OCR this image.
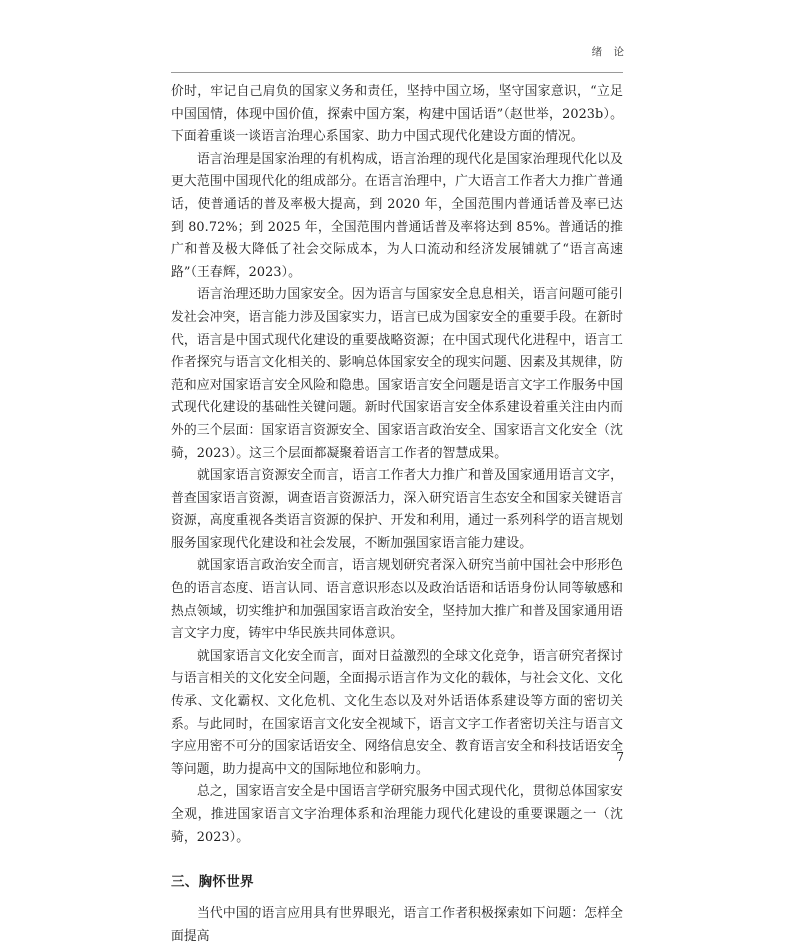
绪 论

价时，牢记自己肩负的国家义务和责任，坚持中国立场，坚守国家意识，“立足中国国情，体现中国价值，探索中国方案，构建中国话语”（赵世举，2023b）。下面着重谈一谈语言治理心系国家、助力中国式现代化建设方面的情况。

语言治理是国家治理的有机构成，语言治理的现代化是国家治理现代化以及更大范围中国现代化的组成部分。在语言治理中，广大语言工作者大力推广普通话，使普通话的普及率极大提高，到 2020 年，全国范围内普通话普及率已达到 80.72%；到 2025 年，全国范围内普通话普及率将达到 85%。普通话的推广和普及极大降低了社会交际成本，为人口流动和经济发展铺就了“语言高速路”（王春辉，2023）。

语言治理还助力国家安全。因为语言与国家安全息息相关，语言问题可能引发社会冲突，语言能力涉及国家实力，语言已成为国家安全的重要手段。在新时代，语言是中国式现代化建设的重要战略资源；在中国式现代化进程中，语言工作者探究与语言文化相关的、影响总体国家安全的现实问题、因素及其规律，防范和应对国家语言安全风险和隐患。国家语言安全问题是语言文字工作服务中国式现代化建设的基础性关键问题。新时代国家语言安全体系建设着重关注由内而外的三个层面：国家语言资源安全、国家语言政治安全、国家语言文化安全（沈骑，2023）。这三个层面都凝聚着语言工作者的智慧成果。

就国家语言资源安全而言，语言工作者大力推广和普及国家通用语言文字，普查国家语言资源，调查语言资源活力，深入研究语言生态安全和国家关键语言资源，高度重视各类语言资源的保护、开发和利用，通过一系列科学的语言规划服务国家现代化建设和社会发展，不断加强国家语言能力建设。

就国家语言政治安全而言，语言规划研究者深入研究当前中国社会中形形色色的语言态度、语言认同、语言意识形态以及政治话语和话语身份认同等敏感和热点领域，切实维护和加强国家语言政治安全，坚持加大推广和普及国家通用语言文字力度，铸牢中华民族共同体意识。

就国家语言文化安全而言，面对日益激烈的全球文化竞争，语言研究者探讨与语言相关的文化安全问题，全面揭示语言作为文化的载体，与社会文化、文化传承、文化霸权、文化危机、文化生态以及对外话语体系建设等方面的密切关系。与此同时，在国家语言文化安全视域下，语言文字工作者密切关注与语言文字应用密不可分的国家话语安全、网络信息安全、教育语言安全和科技话语安全等问题，助力提高中文的国际地位和影响力。

总之，国家语言安全是中国语言学研究服务中国式现代化，贯彻总体国家安全观，推进国家语言文字治理体系和治理能力现代化建设的重要课题之一（沈骑，2023）。

三、胸怀世界

当代中国的语言应用具有世界眼光，语言工作者积极探索如下问题：怎样全面提高

7
